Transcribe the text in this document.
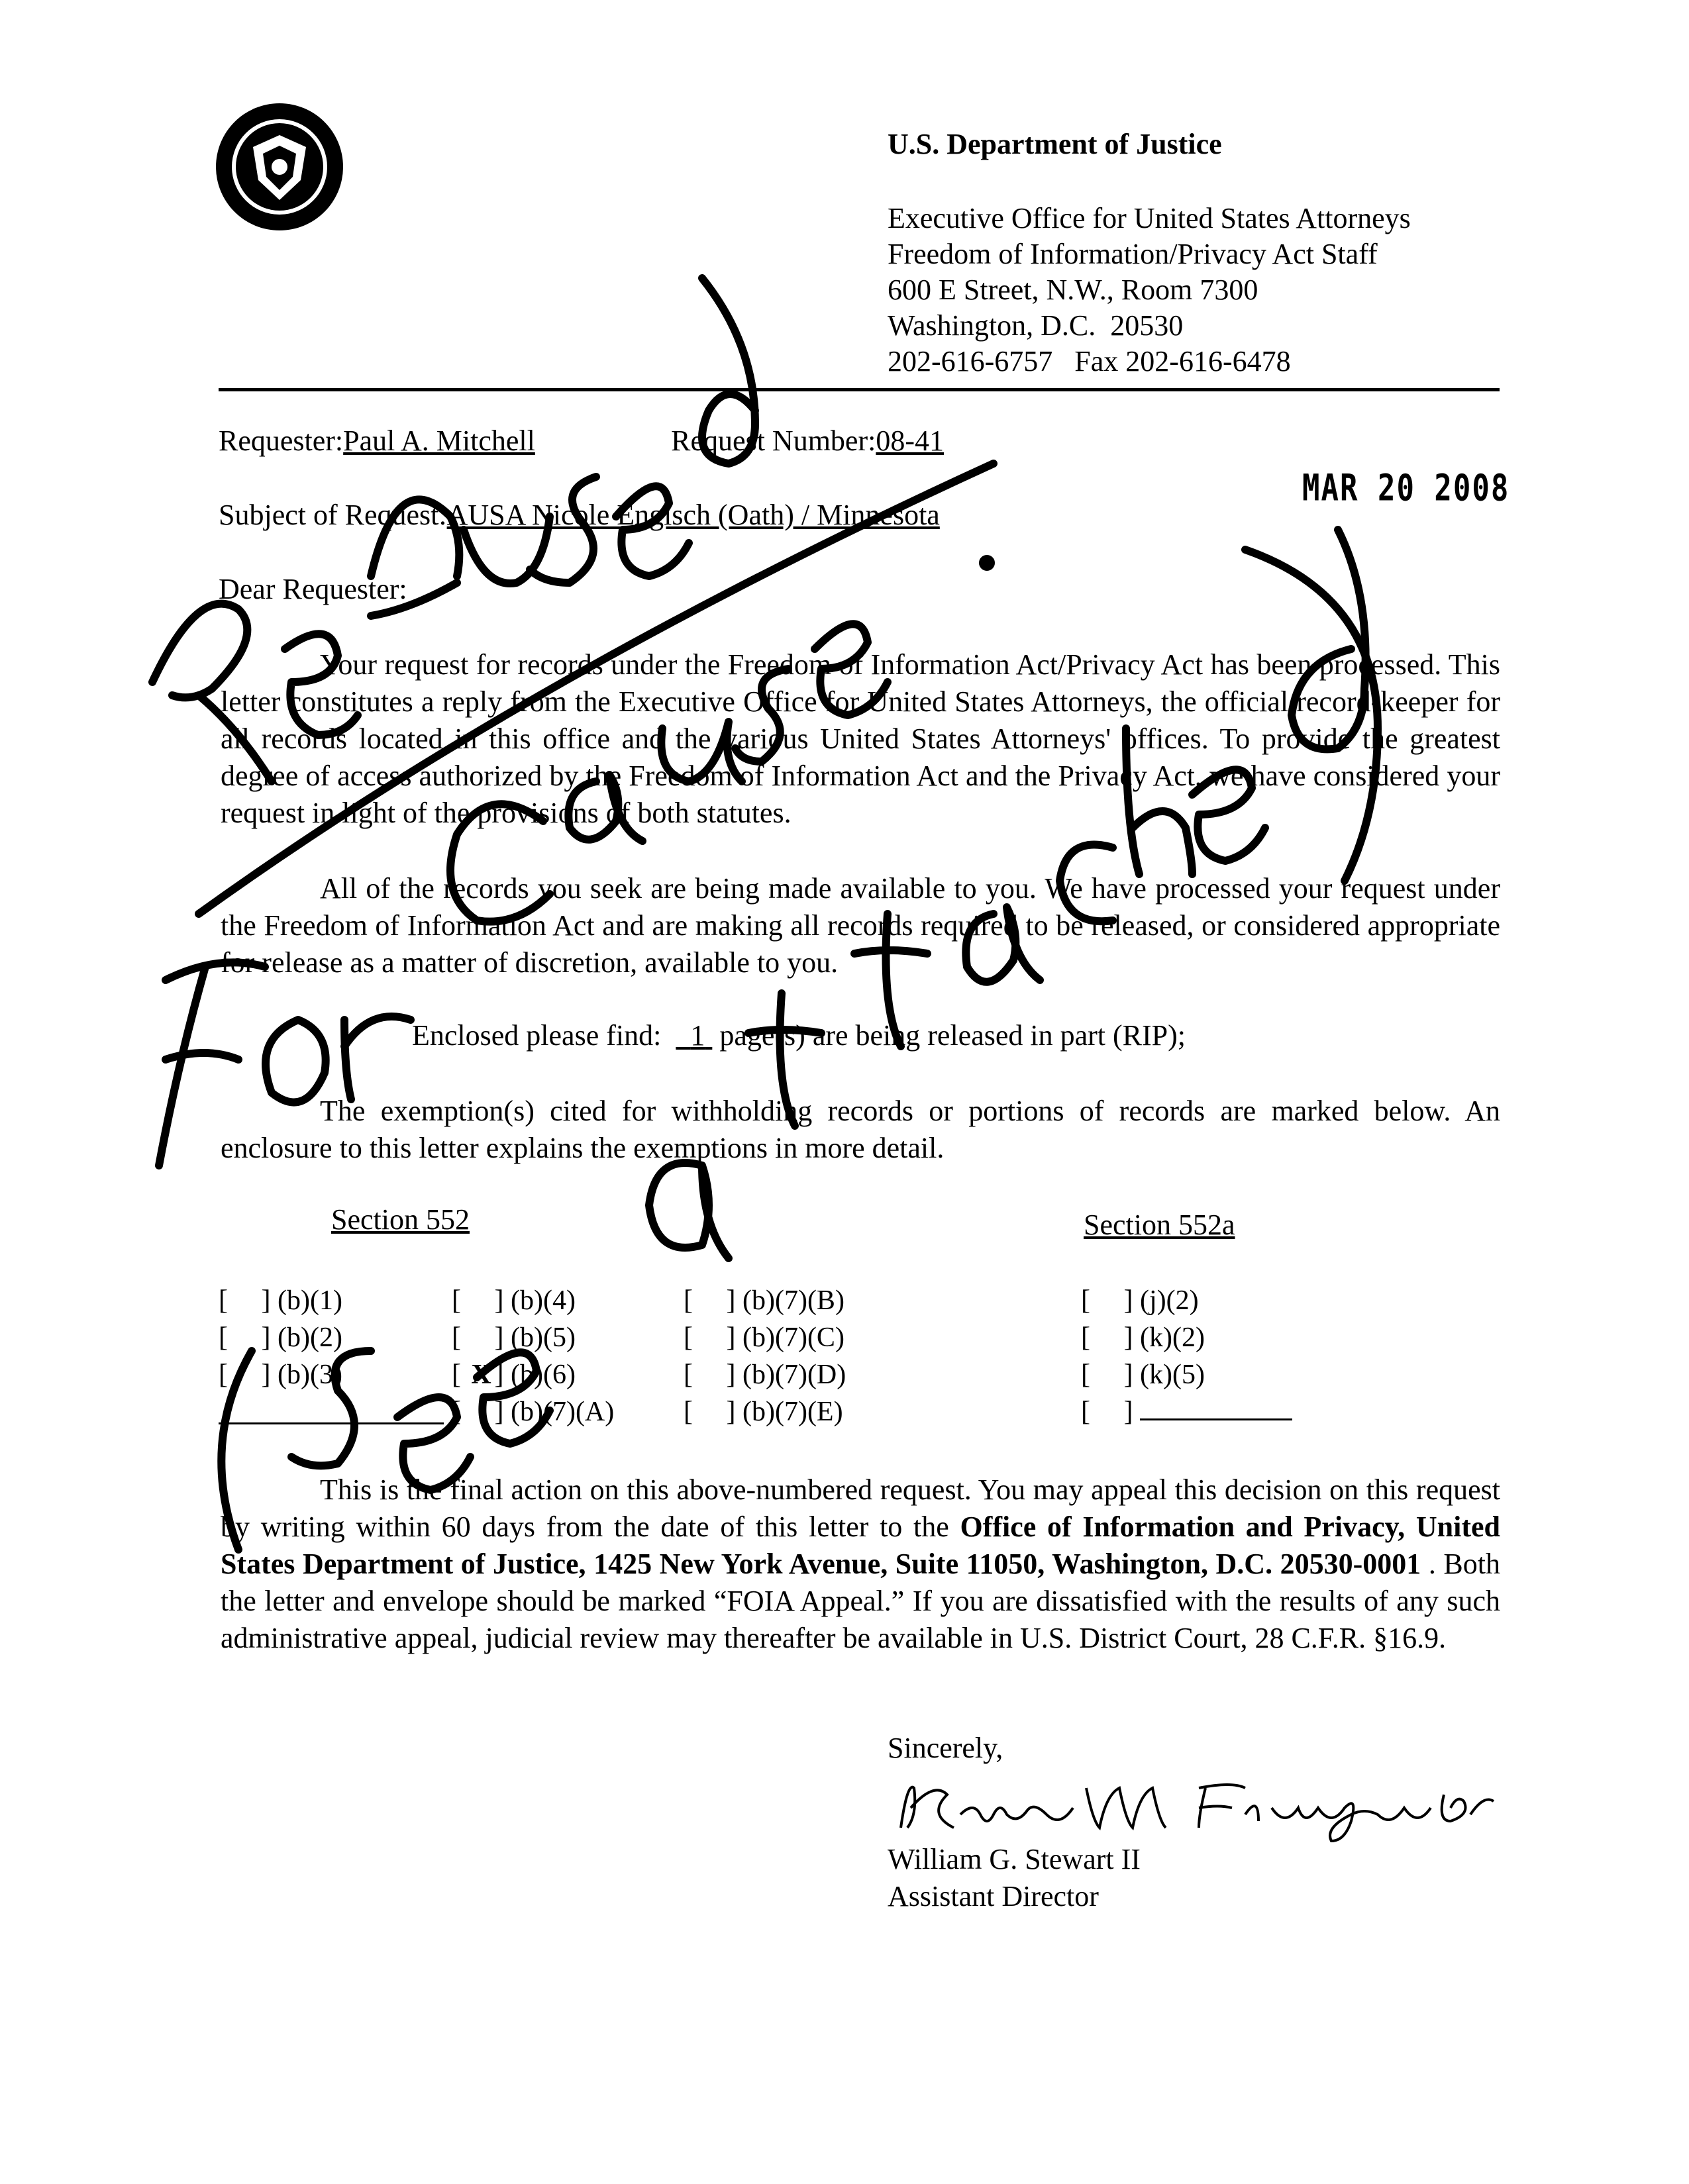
U.S. Department of Justice
Executive Office for United States Attorneys
Freedom of Information/Privacy Act Staff
600 E Street, N.W., Room 7300
Washington, D.C.  20530
202-616-6757   Fax 202-616-6478
Requester:Paul A. Mitchell	Request Number:08-41
MAR 20 2008
Subject of Request:AUSA Nicole Engisch (Oath) / Minnesota
Dear Requester:
Your request for records under the Freedom of Information Act/Privacy Act has been processed. This letter constitutes a reply from the Executive Office for United States Attorneys, the official record-keeper for all records located in this office and the various United States Attorneys' offices. To provide the greatest degree of access authorized by the Freedom of Information Act and the Privacy Act, we have considered your request in light of the provisions of both statutes.
All of the records you seek are being made available to you. We have processed your request under the Freedom of Information Act and are making all records required to be released, or considered appropriate for release as a matter of discretion, available to you.
Enclosed please find: 1 page(s) are being released in part (RIP);
The exemption(s) cited for withholding records or portions of records are marked below. An enclosure to this letter explains the exemptions in more detail.
Section 552	Section 552a
[ ] (b)(1)
[ ] (b)(2)
[ ] (b)(3)
[ ] (b)(4)
[ ] (b)(5)
[ X ] (b)(6)
[ ] (b)(7)(A)
[ ] (b)(7)(B)
[ ] (b)(7)(C)
[ ] (b)(7)(D)
[ ] (b)(7)(E)
[ ] (j)(2)
[ ] (k)(2)
[ ] (k)(5)
[ ]
This is the final action on this above-numbered request. You may appeal this decision on this request by writing within 60 days from the date of this letter to the Office of Information and Privacy, United States Department of Justice, 1425 New York Avenue, Suite 11050, Washington, D.C. 20530-0001 . Both the letter and envelope should be marked “FOIA Appeal.” If you are dissatisfied with the results of any such administrative appeal, judicial review may thereafter be available in U.S. District Court, 28 C.F.R. §16.9.
Sincerely,
William G. Stewart II
Assistant Director
